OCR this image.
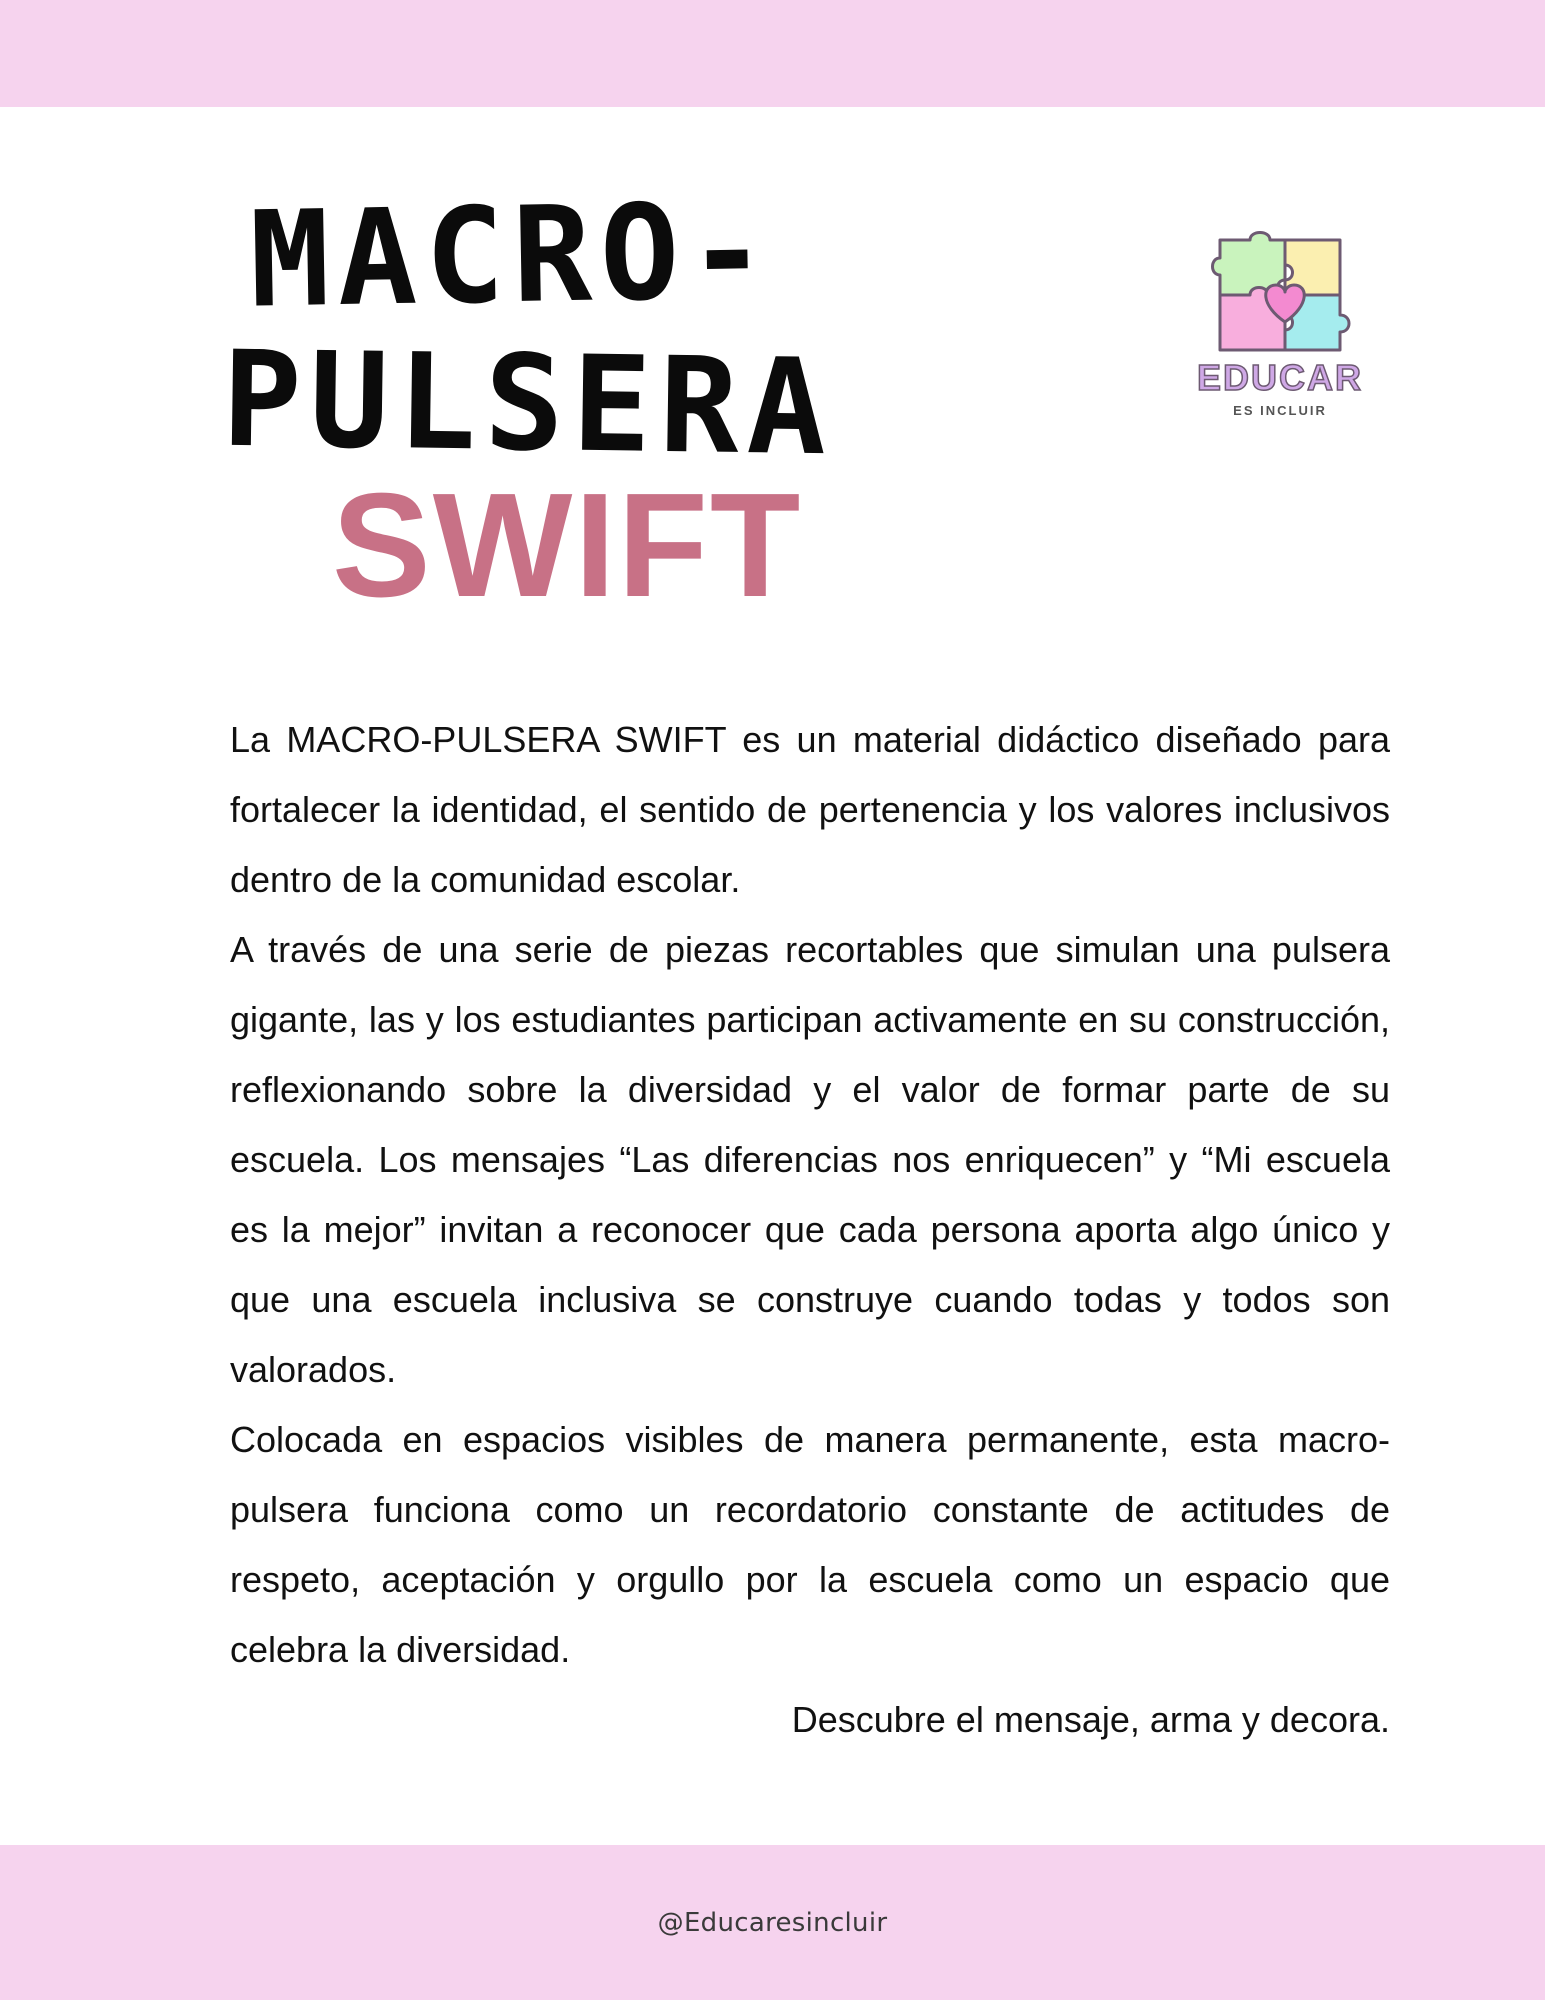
MACRO-
PULSERA
SWIFT
EDUCAR
ES INCLUIR

La MACRO-PULSERA SWIFT es un material didáctico diseñado para fortalecer la identidad, el sentido de pertenencia y los valores inclusivos dentro de la comunidad escolar.

A través de una serie de piezas recortables que simulan una pulsera gigante, las y los estudiantes participan activamente en su construcción, reflexionando sobre la diversidad y el valor de formar parte de su escuela. Los mensajes “Las diferencias nos enriquecen” y “Mi escuela es la mejor” invitan a reconocer que cada persona aporta algo único y que una escuela inclusiva se construye cuando todas y todos son valorados.

Colocada en espacios visibles de manera permanente, esta macro-pulsera funciona como un recordatorio constante de actitudes de respeto, aceptación y orgullo por la escuela como un espacio que celebra la diversidad.

Descubre el mensaje, arma y decora.

@Educaresincluir
